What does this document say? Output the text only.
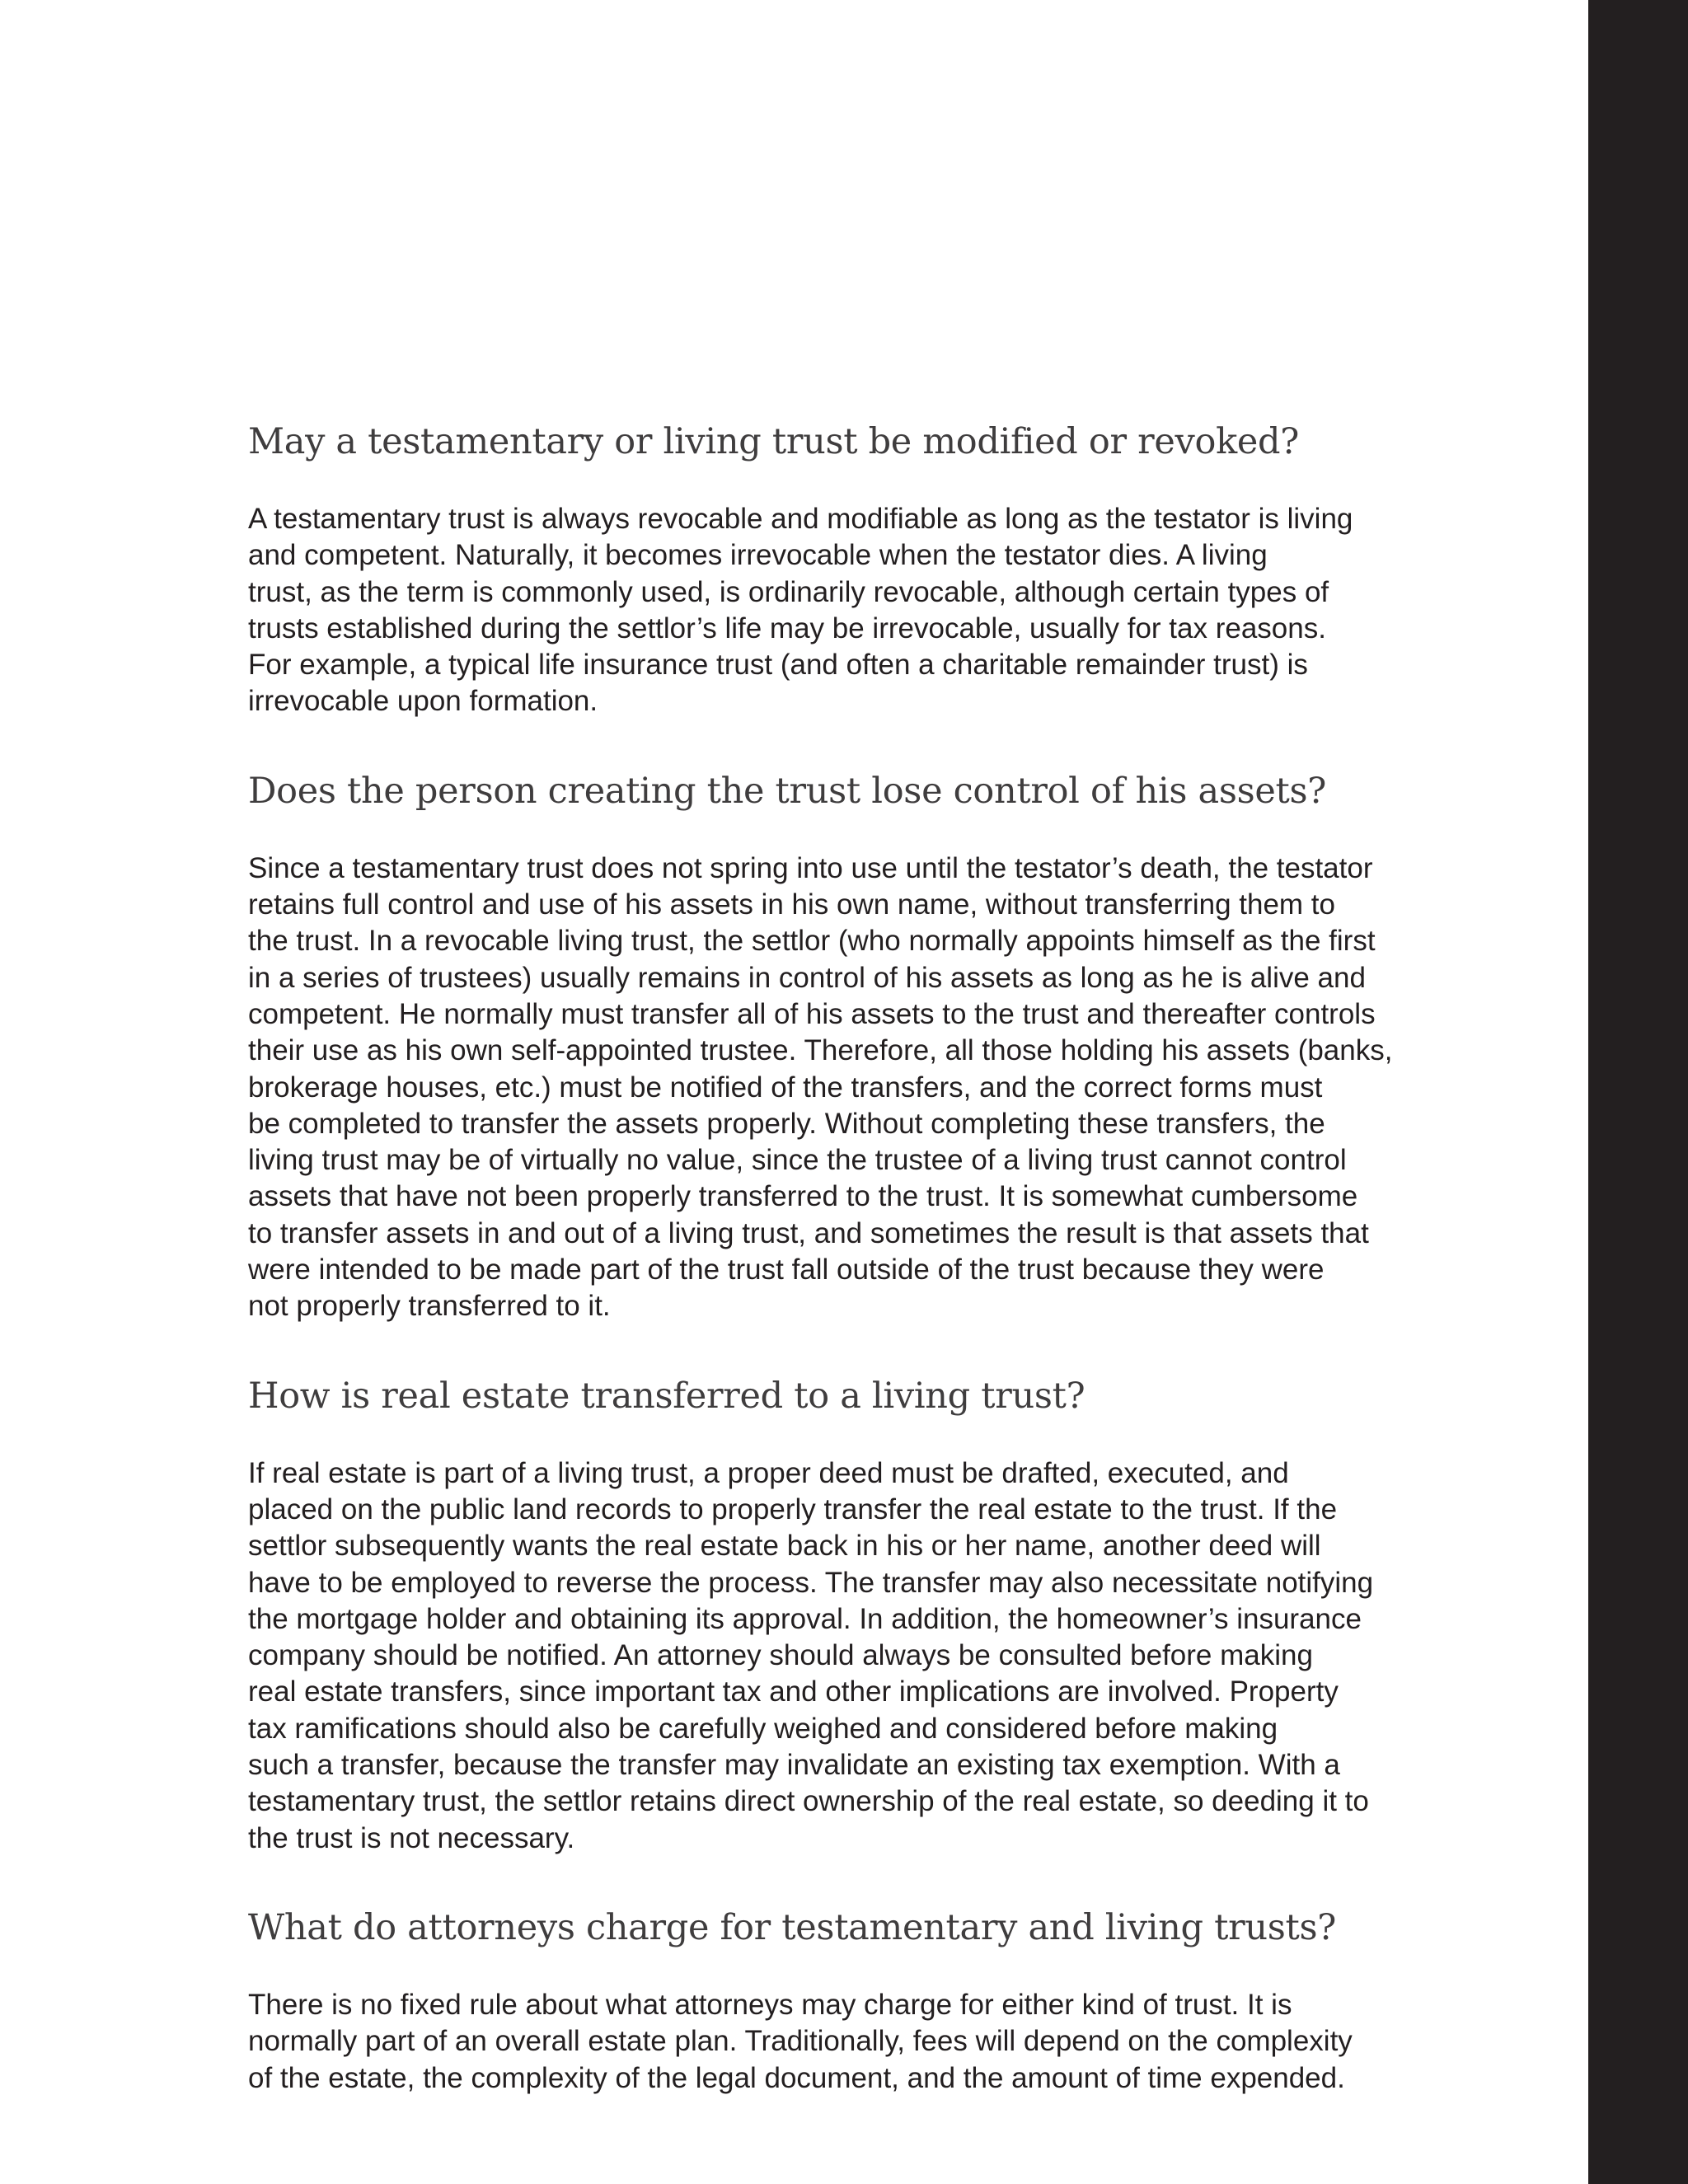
May a testamentary or living trust be modified or revoked?

A testamentary trust is always revocable and modifiable as long as the testator is living
and competent. Naturally, it becomes irrevocable when the testator dies. A living
trust, as the term is commonly used, is ordinarily revocable, although certain types of
trusts established during the settlor’s life may be irrevocable, usually for tax reasons.
For example, a typical life insurance trust (and often a charitable remainder trust) is
irrevocable upon formation.

Does the person creating the trust lose control of his assets?

Since a testamentary trust does not spring into use until the testator’s death, the testator
retains full control and use of his assets in his own name, without transferring them to
the trust. In a revocable living trust, the settlor (who normally appoints himself as the first
in a series of trustees) usually remains in control of his assets as long as he is alive and
competent. He normally must transfer all of his assets to the trust and thereafter controls
their use as his own self-appointed trustee. Therefore, all those holding his assets (banks,
brokerage houses, etc.) must be notified of the transfers, and the correct forms must
be completed to transfer the assets properly. Without completing these transfers, the
living trust may be of virtually no value, since the trustee of a living trust cannot control
assets that have not been properly transferred to the trust. It is somewhat cumbersome
to transfer assets in and out of a living trust, and sometimes the result is that assets that
were intended to be made part of the trust fall outside of the trust because they were
not properly transferred to it.

How is real estate transferred to a living trust?

If real estate is part of a living trust, a proper deed must be drafted, executed, and
placed on the public land records to properly transfer the real estate to the trust. If the
settlor subsequently wants the real estate back in his or her name, another deed will
have to be employed to reverse the process. The transfer may also necessitate notifying
the mortgage holder and obtaining its approval. In addition, the homeowner’s insurance
company should be notified. An attorney should always be consulted before making
real estate transfers, since important tax and other implications are involved. Property
tax ramifications should also be carefully weighed and considered before making
such a transfer, because the transfer may invalidate an existing tax exemption. With a
testamentary trust, the settlor retains direct ownership of the real estate, so deeding it to
the trust is not necessary.

What do attorneys charge for testamentary and living trusts?

There is no fixed rule about what attorneys may charge for either kind of trust. It is
normally part of an overall estate plan. Traditionally, fees will depend on the complexity
of the estate, the complexity of the legal document, and the amount of time expended.
